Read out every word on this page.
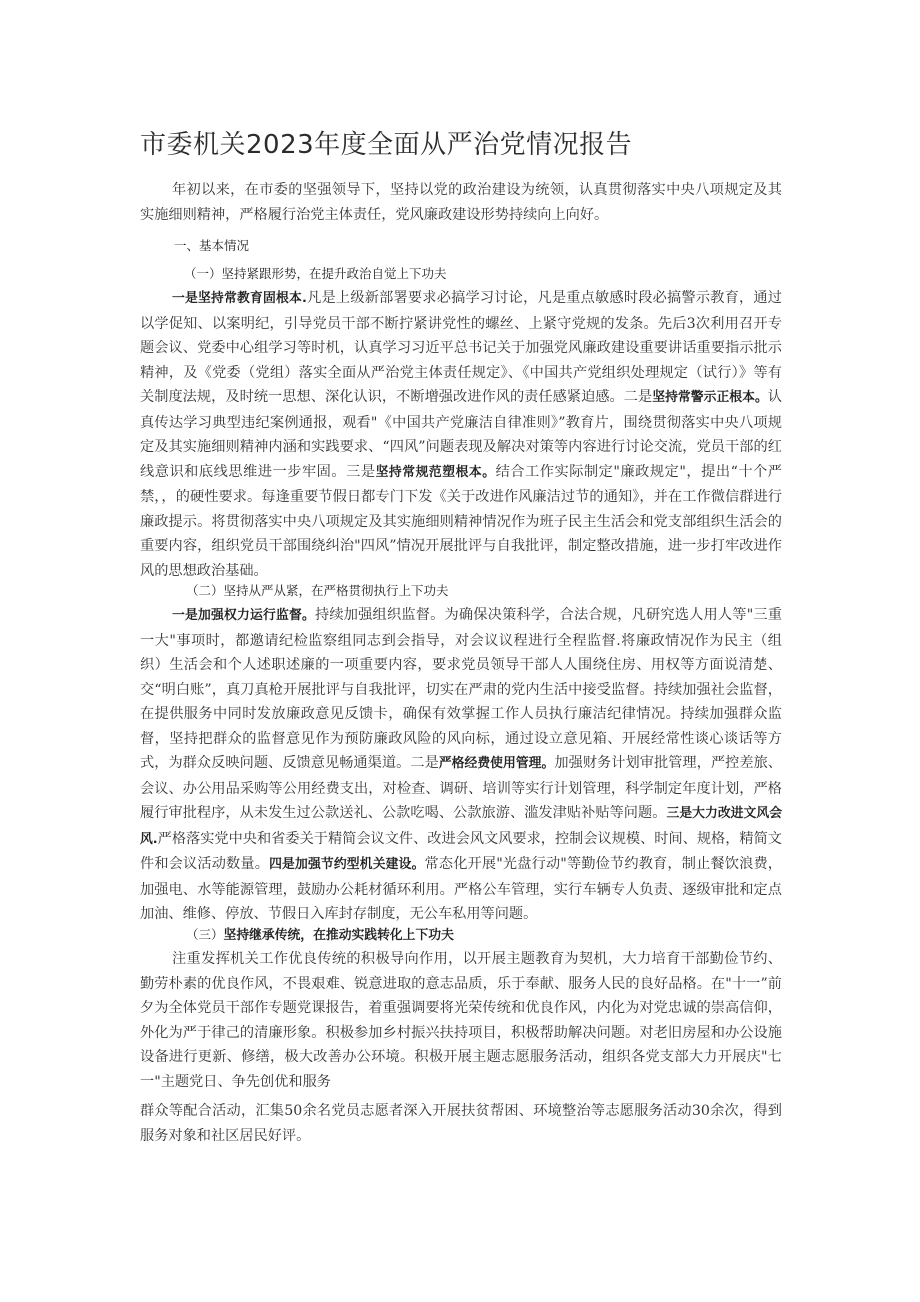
市委机关2023年度全面从严治党情况报告

年初以来，在市委的坚强领导下，坚持以党的政治建设为统领，认真贯彻落实中央八项规定及其实施细则精神，严格履行治党主体责任，党风廉政建设形势持续向上向好。

一、基本情况

（一）坚持紧跟形势，在提升政治自觉上下功夫

一是坚持常教育固根本.凡是上级新部署要求必搞学习讨论，凡是重点敏感时段必搞警示教育，通过以学促知、以案明纪，引导党员干部不断拧紧讲党性的螺丝、上紧守党规的发条。先后3次利用召开专题会议、党委中心组学习等时机，认真学习习近平总书记关于加强党风廉政建设重要讲话重要指示批示精神，及《党委（党组）落实全面从严治党主体责任规定》、《中国共产党组织处理规定（试行）》等有关制度法规，及时统一思想、深化认识，不断增强改进作风的责任感紧迫感。二是坚持常警示正根本。认真传达学习典型违纪案例通报，观看"《中国共产党廉洁自律准则》”教育片，围绕贯彻落实中央八项规定及其实施细则精神内涵和实践要求、“四风”问题表现及解决对策等内容进行讨论交流，党员干部的红线意识和底线思维进一步牢固。三是坚持常规范塑根本。结合工作实际制定"廉政规定"，提出“十个严禁，，的硬性要求。每逢重要节假日都专门下发《关于改进作风廉洁过节的通知》，并在工作微信群进行廉政提示。将贯彻落实中央八项规定及其实施细则精神情况作为班子民主生活会和党支部组织生活会的重要内容，组织党员干部围绕纠治"四风”情况开展批评与自我批评，制定整改措施，进一步打牢改进作风的思想政治基础。

（二）坚持从严从紧，在严格贯彻执行上下功夫

一是加强权力运行监督。持续加强组织监督。为确保决策科学，合法合规，凡研究选人用人等"三重一大"事项时，都邀请纪检监察组同志到会指导，对会议议程进行全程监督.将廉政情况作为民主（组织）生活会和个人述职述廉的一项重要内容，要求党员领导干部人人围绕住房、用权等方面说清楚、交“明白账”，真刀真枪开展批评与自我批评，切实在严肃的党内生活中接受监督。持续加强社会监督，在提供服务中同时发放廉政意见反馈卡，确保有效掌握工作人员执行廉洁纪律情况。持续加强群众监督，坚持把群众的监督意见作为预防廉政风险的风向标，通过设立意见箱、开展经常性谈心谈话等方式，为群众反映问题、反馈意见畅通渠道。二是严格经费使用管理。加强财务计划审批管理，严控差旅、会议、办公用品采购等公用经费支出，对检查、调研、培训等实行计划管理，科学制定年度计划，严格履行审批程序，从未发生过公款送礼、公款吃喝、公款旅游、滥发津贴补贴等问题。三是大力改进文风会风.严格落实党中央和省委关于精简会议文件、改进会风文风要求，控制会议规模、时间、规格，精简文件和会议活动数量。四是加强节约型机关建设。常态化开展"光盘行动"等勤俭节约教育，制止餐饮浪费，加强电、水等能源管理，鼓励办公耗材循环利用。严格公车管理，实行车辆专人负责、逐级审批和定点加油、维修、停放、节假日入库封存制度，无公车私用等问题。

（三）坚持继承传统，在推动实践转化上下功夫

注重发挥机关工作优良传统的积极导向作用，以开展主题教育为契机，大力培育干部勤俭节约、勤劳朴素的优良作风，不畏艰难、锐意进取的意志品质，乐于奉献、服务人民的良好品格。在"十一”前夕为全体党员干部作专题党课报告，着重强调要将光荣传统和优良作风，内化为对党忠诚的崇高信仰，外化为严于律己的清廉形象。积极参加乡村振兴扶持项目，积极帮助解决问题。对老旧房屋和办公设施设备进行更新、修缮，极大改善办公环境。积极开展主题志愿服务活动，组织各党支部大力开展庆"七一"主题党日、争先创优和服务

群众等配合活动，汇集50余名党员志愿者深入开展扶贫帮困、环境整治等志愿服务活动30余次，得到服务对象和社区居民好评。
